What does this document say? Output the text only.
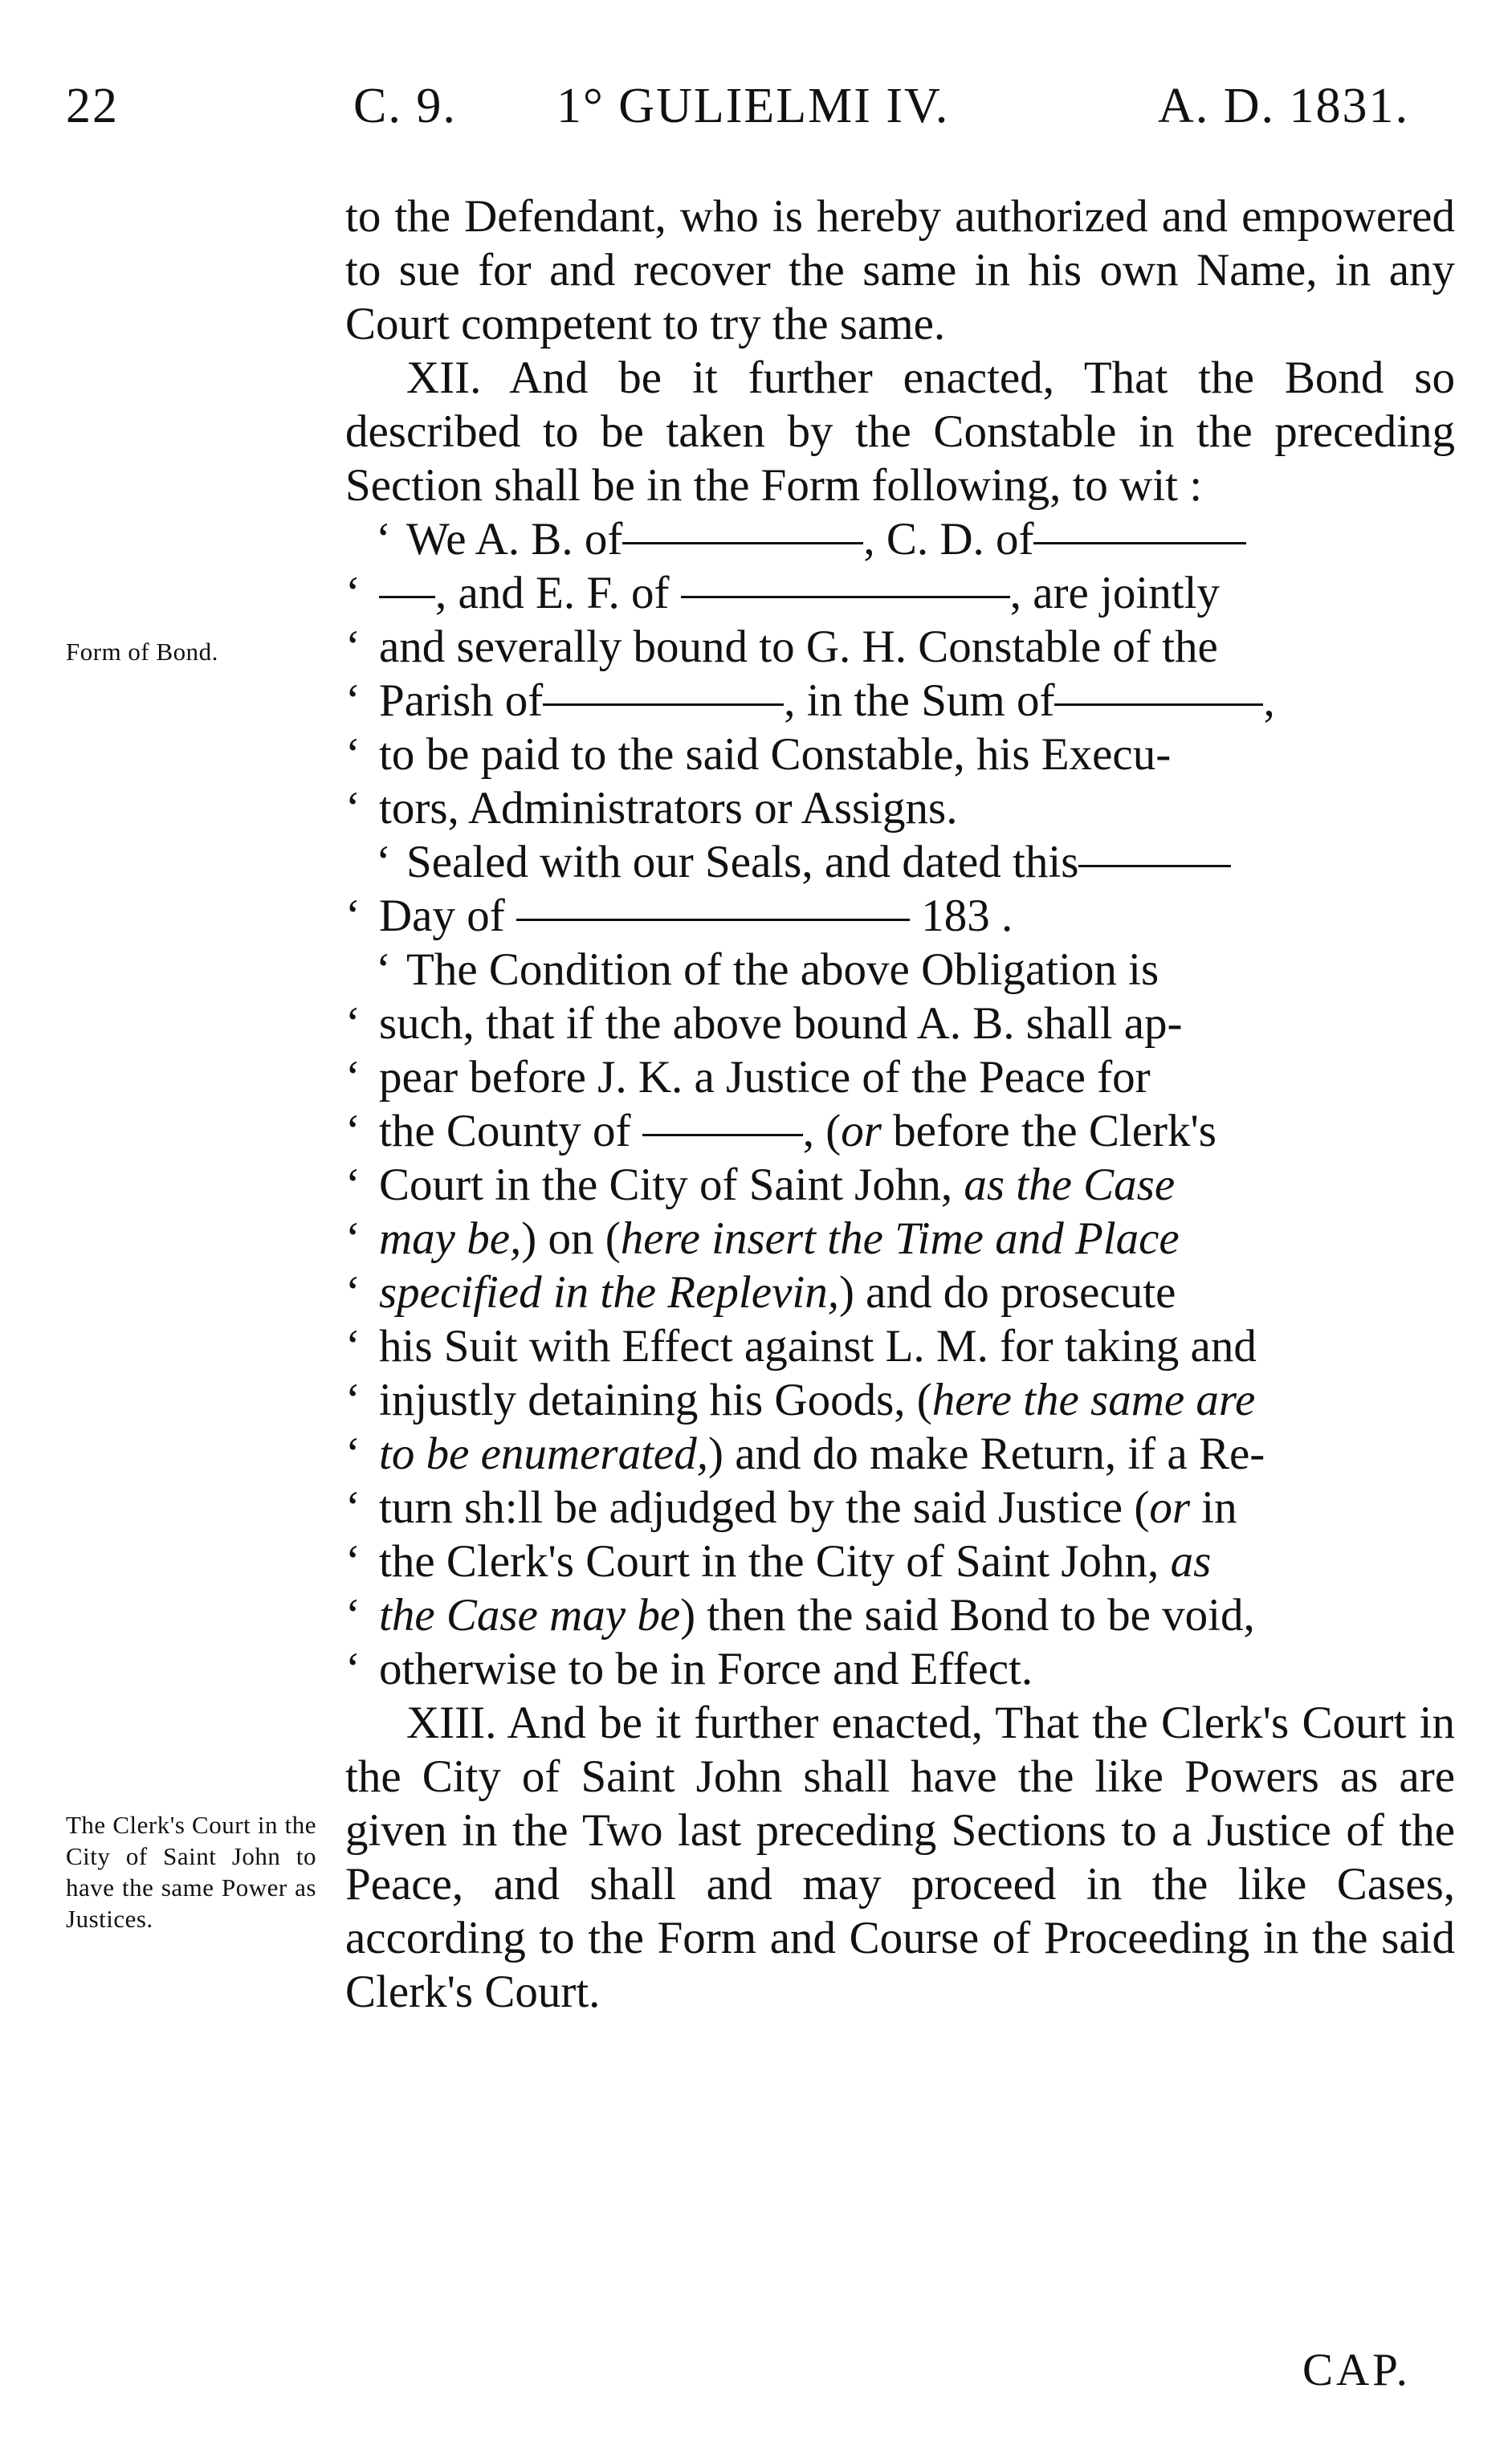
22	C. 9. 1° GULIELMI IV.	A. D. 1831.
Form of Bond.
The Clerk's Court in the City of Saint John to have the same Power as Justices.

to the Defendant, who is hereby authorized and empowered to sue for and recover the same in his own Name, in any Court competent to try the same.

XII. And be it further enacted, That the Bond so described to be taken by the Constable in the preceding Section shall be in the Form following, to wit :

‘ We A. B. of	, C. D. of

‘ , and E. F. of	, are jointly

‘ and severally bound to G. H. Constable of the

‘ Parish of	, in the Sum of	,

‘ to be paid to the said Constable, his Execu-

‘ tors, Administrators or Assigns.

‘ Sealed with our Seals, and dated this

‘ Day of	183 .

‘ The Condition of the above Obligation is

‘ such, that if the above bound A. B. shall ap-

‘ pear before J. K. a Justice of the Peace for

‘ the County of	, (or before the Clerk's

‘ Court in the City of Saint John, as the Case

‘ may be,) on (here insert the Time and Place

‘ specified in the Replevin,) and do prosecute

‘ his Suit with Effect against L. M. for taking and

‘ injustly detaining his Goods, (here the same are

‘ to be enumerated,) and do make Return, if a Re-

‘ turn sh:ll be adjudged by the said Justice (or in

‘ the Clerk's Court in the City of Saint John, as

‘ the Case may be) then the said Bond to be void,

‘ otherwise to be in Force and Effect.

XIII. And be it further enacted, That the Clerk's Court in the City of Saint John shall have the like Powers as are given in the Two last preceding Sections to a Justice of the Peace, and shall and may proceed in the like Cases, according to the Form and Course of Proceeding in the said Clerk's Court.

CAP.
